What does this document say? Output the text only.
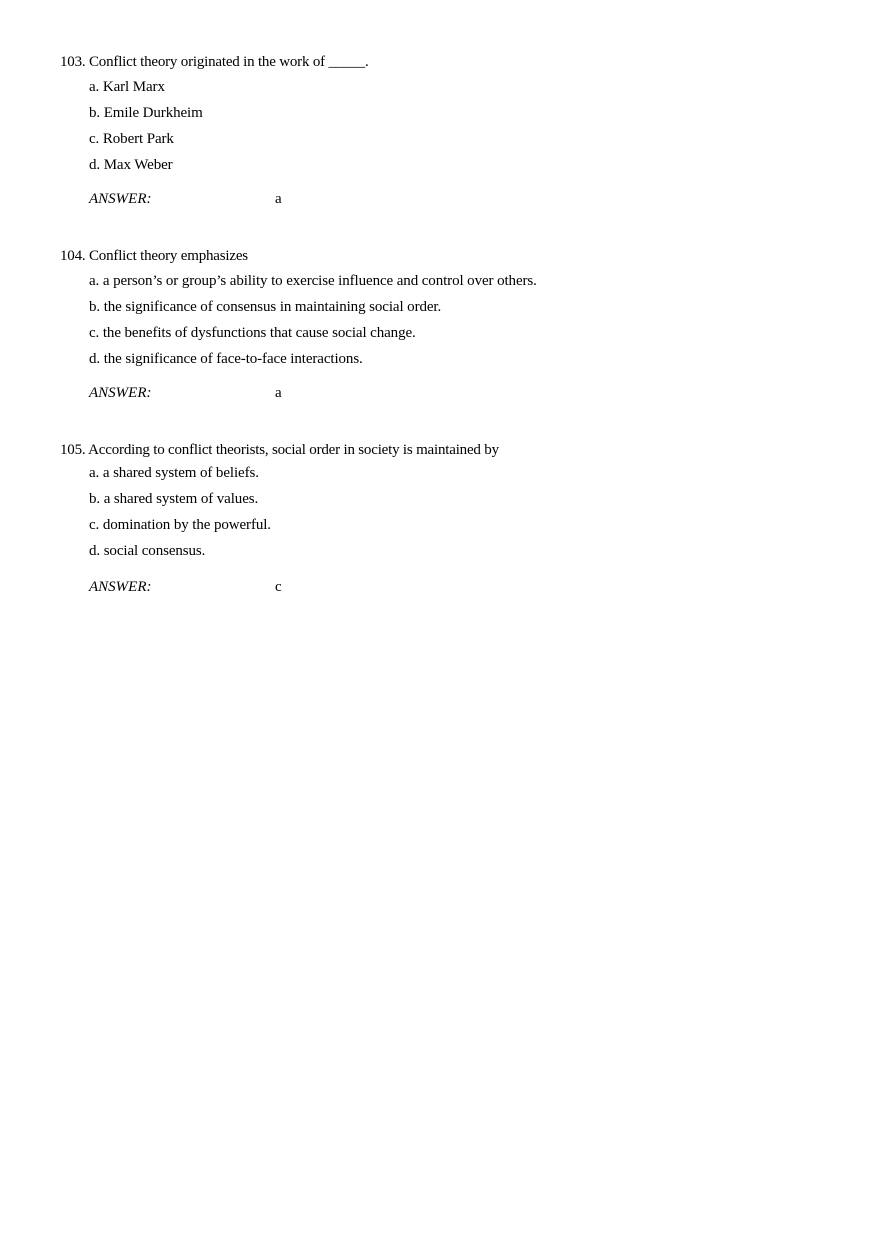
103. Conflict theory originated in the work of _____.
a. Karl Marx
b. Emile Durkheim
c. Robert Park
d. Max Weber
ANSWER:	a
104. Conflict theory emphasizes
a. a person’s or group’s ability to exercise influence and control over others.
b. the significance of consensus in maintaining social order.
c. the benefits of dysfunctions that cause social change.
d. the significance of face-to-face interactions.
ANSWER:	a
105. According to conflict theorists, social order in society is maintained by
a. a shared system of beliefs.
b. a shared system of values.
c. domination by the powerful.
d. social consensus.
ANSWER:	c
